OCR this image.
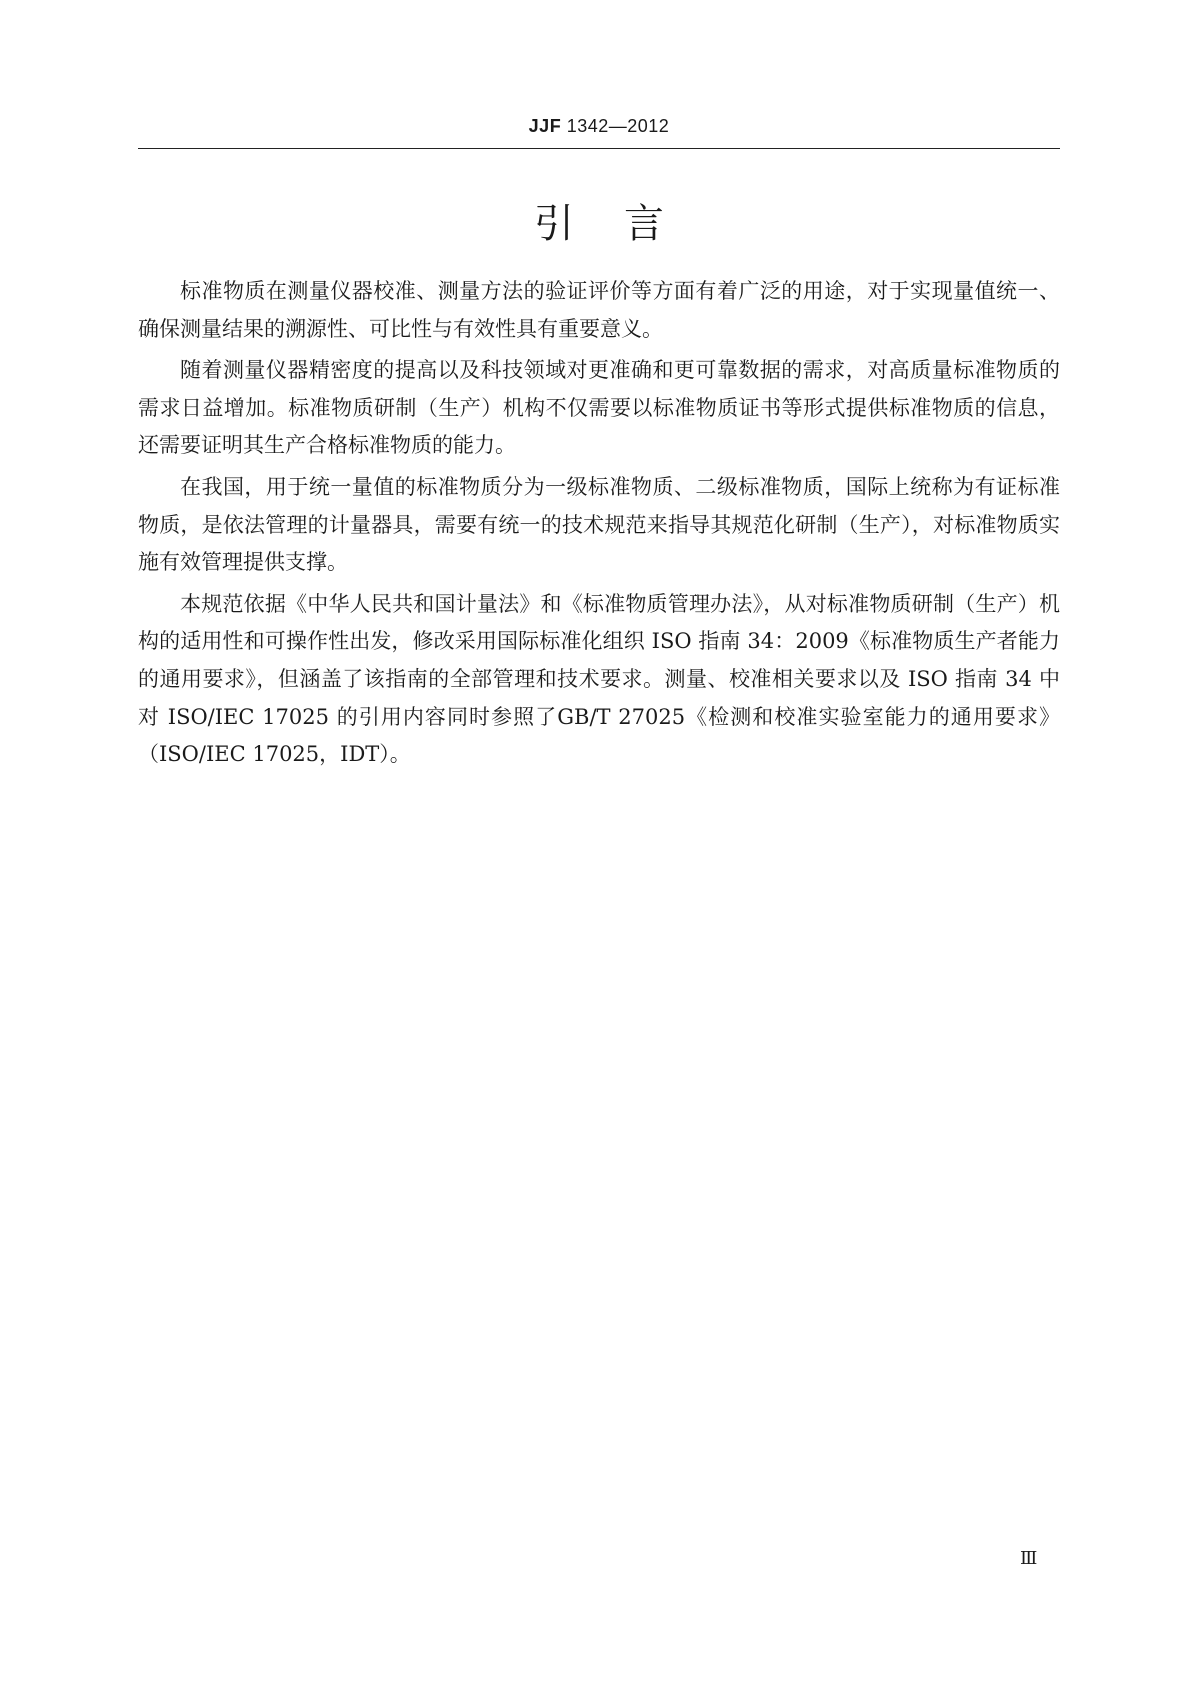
JJF 1342—2012
引言

标准物质在测量仪器校准、测量方法的验证评价等方面有着广泛的用途，对于实现量值统一、确保测量结果的溯源性、可比性与有效性具有重要意义。

随着测量仪器精密度的提高以及科技领域对更准确和更可靠数据的需求，对高质量标准物质的需求日益增加。标准物质研制（生产）机构不仅需要以标准物质证书等形式提供标准物质的信息，还需要证明其生产合格标准物质的能力。

在我国，用于统一量值的标准物质分为一级标准物质、二级标准物质，国际上统称为有证标准物质，是依法管理的计量器具，需要有统一的技术规范来指导其规范化研制（生产），对标准物质实施有效管理提供支撑。

本规范依据《中华人民共和国计量法》和《标准物质管理办法》，从对标准物质研制（生产）机构的适用性和可操作性出发，修改采用国际标准化组织 ISO 指南 34：2009《标准物质生产者能力的通用要求》，但涵盖了该指南的全部管理和技术要求。测量、校准相关要求以及 ISO 指南 34 中对 ISO/IEC 17025 的引用内容同时参照了GB/T 27025《检测和校准实验室能力的通用要求》（ISO/IEC 17025，IDT）。

Ⅲ
